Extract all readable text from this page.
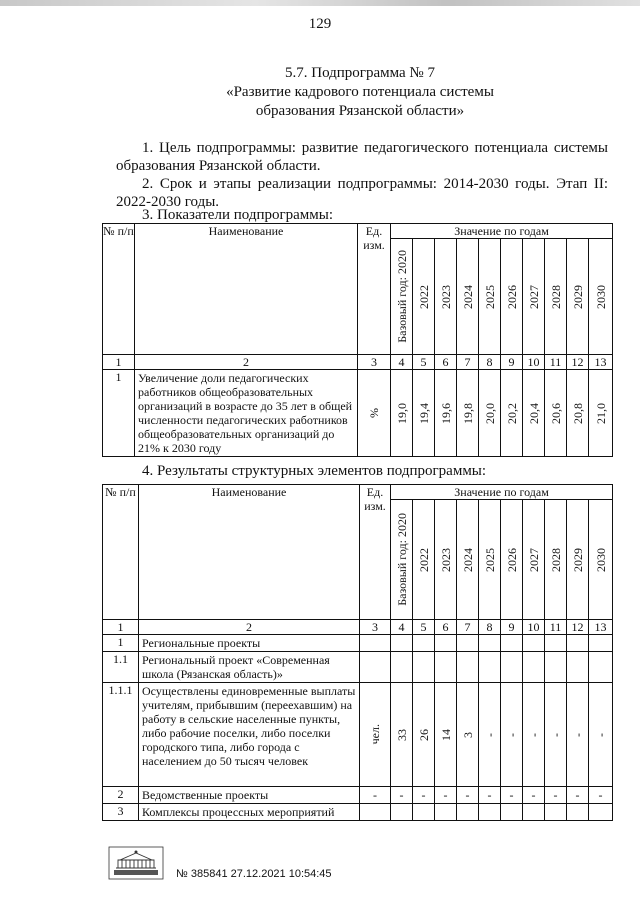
129
5.7. Подпрограмма № 7
«Развитие кадрового потенциала системы
образования Рязанской области»
1. Цель подпрограммы: развитие педагогического потенциала системы образования Рязанской области.
2. Срок и этапы реализации подпрограммы: 2014-2030 годы. Этап II: 2022-2030 годы.
3. Показатели подпрограммы:
№ п/п	Наименование	Ед. изм.	Значение по годам									

			Базовый год: 2020	2022	2023	2024	2025	2026	2027	2028	2029	2030

1	2	3	4	5	6	7	8	9	10	11	12	13
1	Увеличение доли педагогических работников общеобразовательных организаций в возрасте до 35 лет в общей численности педагогических работников общеобразовательных организаций до 21% к 2030 году	%	19,0	19,4	19,6	19,8	20,0	20,2	20,4	20,6	20,8	21,0
4. Результаты структурных элементов подпрограммы:
№ п/п	Наименование	Ед. изм.	Значение по годам									

			Базовый год: 2020	2022	2023	2024	2025	2026	2027	2028	2029	2030

1	2	3	4	5	6	7	8	9	10	11	12	13
1	Региональные проекты											
1.1	Региональный проект «Современная школа (Рязанская область)»											
1.1.1	Осуществлены единовременные выплаты учителям, прибывшим (переехавшим) на работу в сельские населенные пункты, либо рабочие поселки, либо поселки городского типа, либо города с населением до 50 тысяч человек	чел.	33	26	14	3	-	-	-	-	-	-

2	Ведомственные проекты	-	-	-	-	-	-	-	-	-	-	-
3	Комплексы процессных мероприятий											
№ 385841 27.12.2021 10:54:45
